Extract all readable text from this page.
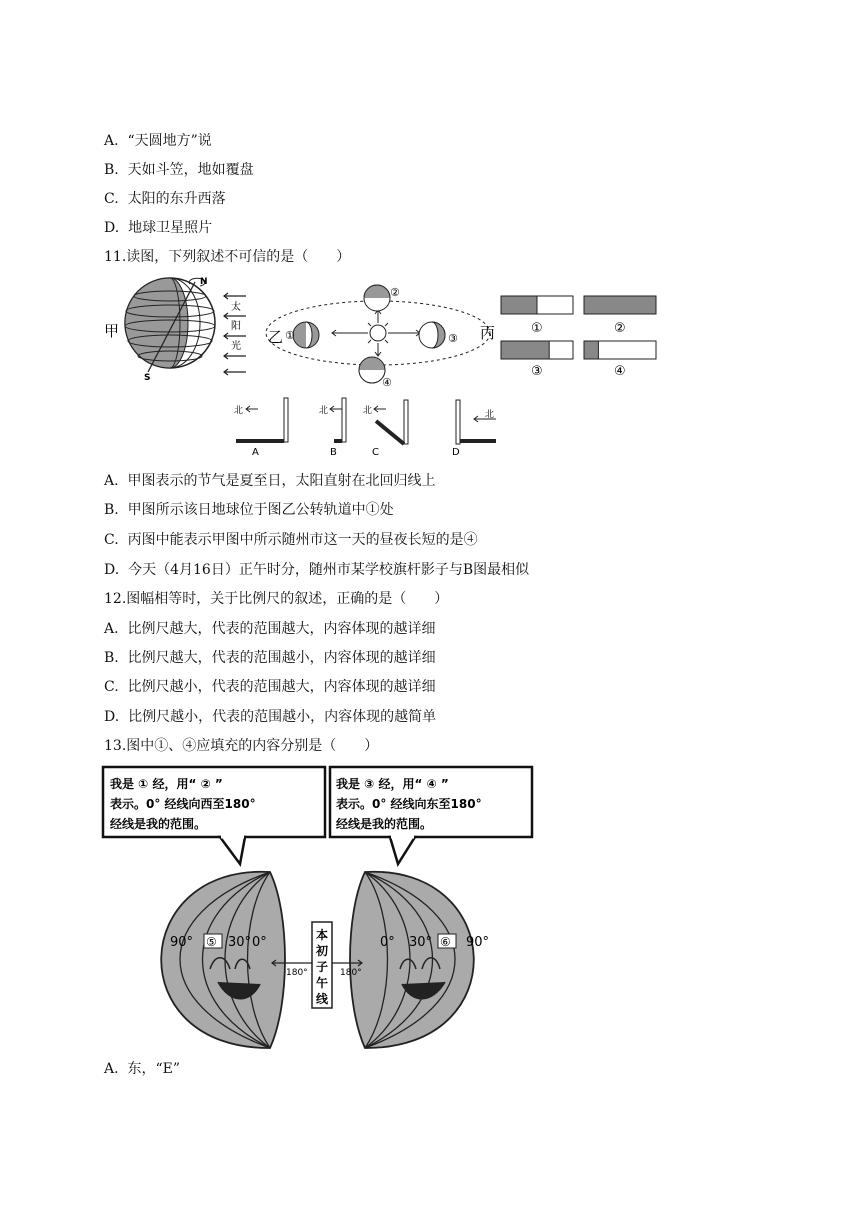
A. “天圆地方”说
B. 天如斗笠，地如覆盘
C. 太阳的东升西落
D. 地球卫星照片
11.读图，下列叙述不可信的是（　　）
甲
N
S
太
阳
光
乙 ①
②
③
④
丙	①	②
③	④
北	北	北	北
A	B	C	D
A. 甲图表示的节气是夏至日，太阳直射在北回归线上
B. 甲图所示该日地球位于图乙公转轨道中①处
C. 丙图中能表示甲图中所示随州市这一天的昼夜长短的是④
D. 今天（4月16日）正午时分，随州市某学校旗杆影子与B图最相似
12.图幅相等时，关于比例尺的叙述，正确的是（　　）
A. 比例尺越大，代表的范围越大，内容体现的越详细
B. 比例尺越大，代表的范围越小，内容体现的越详细
C. 比例尺越小，代表的范围越大，内容体现的越详细
D. 比例尺越小，代表的范围越小，内容体现的越简单
13.图中①、④应填充的内容分别是（　　）
我是 ① 经，用“ ② ”
表示。0° 经线向西至180°
经线是我的范围。
我是 ③ 经，用“ ④ ”
表示。0° 经线向东至180°
经线是我的范围。
90° ⑤ 30° 0°
180°
0° 30° ⑥ 90°
180°
本
初
子
午
线
A. 东，“E”
